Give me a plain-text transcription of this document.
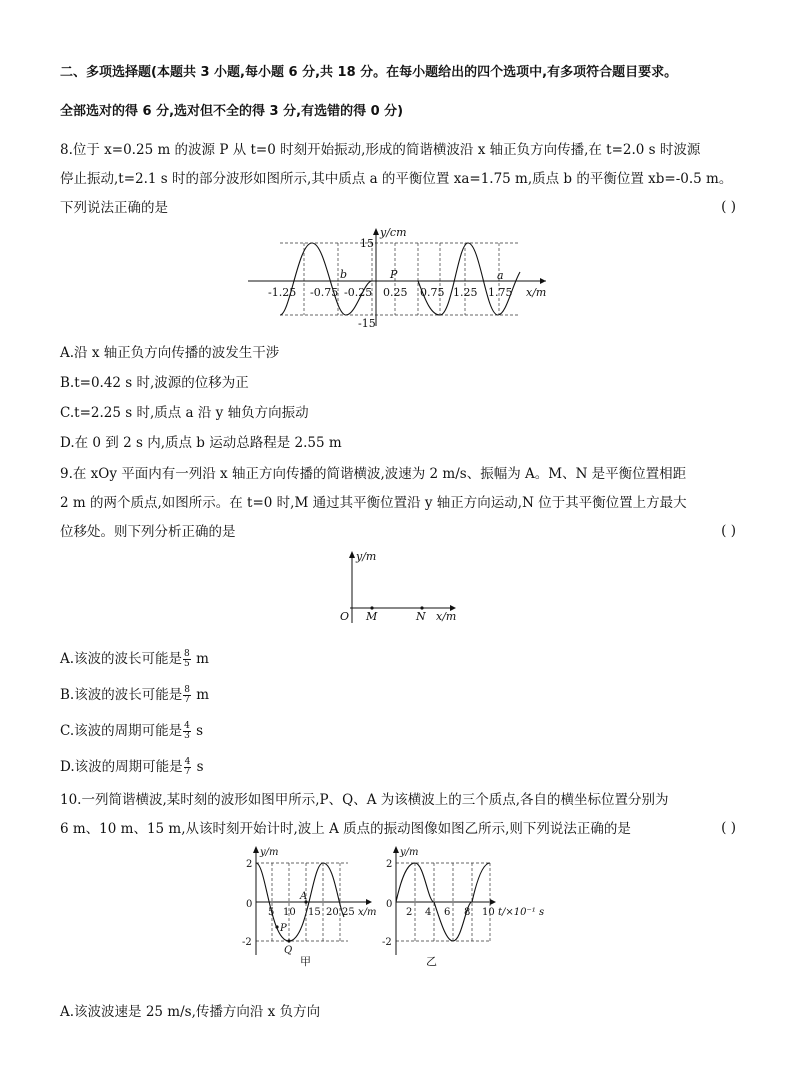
二、多项选择题(本题共 3 小题,每小题 6 分,共 18 分。在每小题给出的四个选项中,有多项符合题目要求。
全部选对的得 6 分,选对但不全的得 3 分,有选错的得 0 分)
8.位于 x=0.25 m 的波源 P 从 t=0 时刻开始振动,形成的简谐横波沿 x 轴正负方向传播,在 t=2.0 s 时波源
停止振动,t=2.1 s 时的部分波形如图所示,其中质点 a 的平衡位置 xa=1.75 m,质点 b 的平衡位置 xb=-0.5 m。
下列说法正确的是	( )
y/cm
x/m
15
-15
-1.25 -0.75 -0.25 0.25 0.75 1.25 1.75
b	P	a
A.沿 x 轴正负方向传播的波发生干涉
B.t=0.42 s 时,波源的位移为正
C.t=2.25 s 时,质点 a 沿 y 轴负方向振动
D.在 0 到 2 s 内,质点 b 运动总路程是 2.55 m
9.在 xOy 平面内有一列沿 x 轴正方向传播的简谐横波,波速为 2 m/s、振幅为 A。M、N 是平衡位置相距
2 m 的两个质点,如图所示。在 t=0 时,M 通过其平衡位置沿 y 轴正方向运动,N 位于其平衡位置上方最大
位移处。则下列分析正确的是	( )
y/m
x/m
O M	N
A.该波的波长可能是 $\frac{8}{5}$ m
B.该波的波长可能是 $\frac{8}{7}$ m
C.该波的周期可能是 $\frac{4}{3}$ s
D.该波的周期可能是 $\frac{4}{7}$ s
10.一列简谐横波,某时刻的波形如图甲所示,P、Q、A 为该横波上的三个质点,各自的横坐标位置分别为
6 m、10 m、15 m,从该时刻开始计时,波上 A 质点的振动图像如图乙所示,则下列说法正确的是	( )
y/m
x/m
2
-2
0
5 10 15 20 25
P
Q
A
甲
y/m
t/×10⁻¹ s
2
-2
0
2 4 6 8 10
乙
A.该波波速是 25 m/s,传播方向沿 x 负方向
